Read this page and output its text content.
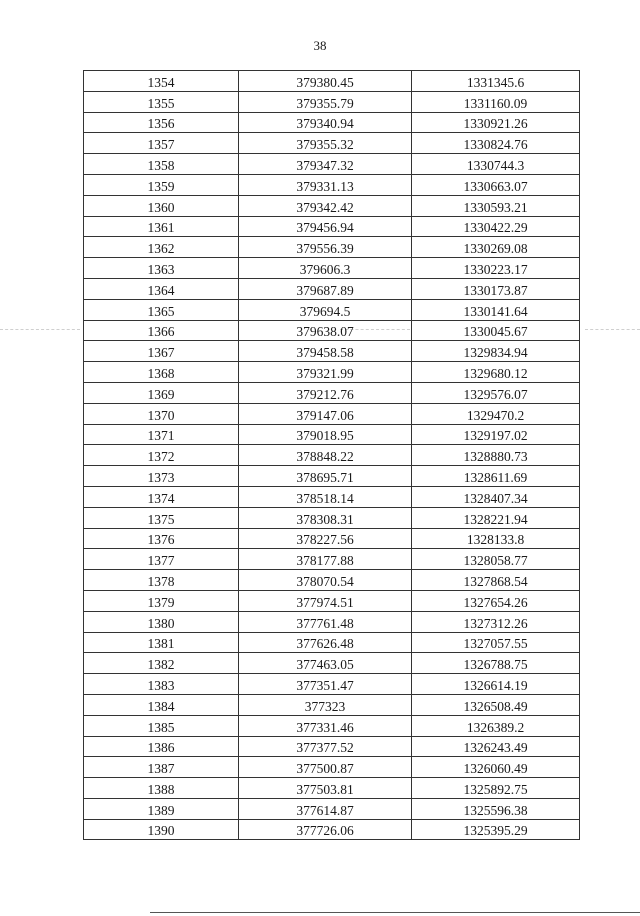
38
1354	379380.45	1331345.6
1355	379355.79	1331160.09
1356	379340.94	1330921.26
1357	379355.32	1330824.76
1358	379347.32	1330744.3
1359	379331.13	1330663.07
1360	379342.42	1330593.21
1361	379456.94	1330422.29
1362	379556.39	1330269.08
1363	379606.3	1330223.17
1364	379687.89	1330173.87
1365	379694.5	1330141.64
1366	379638.07	1330045.67
1367	379458.58	1329834.94
1368	379321.99	1329680.12
1369	379212.76	1329576.07
1370	379147.06	1329470.2
1371	379018.95	1329197.02
1372	378848.22	1328880.73
1373	378695.71	1328611.69
1374	378518.14	1328407.34
1375	378308.31	1328221.94
1376	378227.56	1328133.8
1377	378177.88	1328058.77
1378	378070.54	1327868.54
1379	377974.51	1327654.26
1380	377761.48	1327312.26
1381	377626.48	1327057.55
1382	377463.05	1326788.75
1383	377351.47	1326614.19
1384	377323	1326508.49
1385	377331.46	1326389.2
1386	377377.52	1326243.49
1387	377500.87	1326060.49
1388	377503.81	1325892.75
1389	377614.87	1325596.38
1390	377726.06	1325395.29
